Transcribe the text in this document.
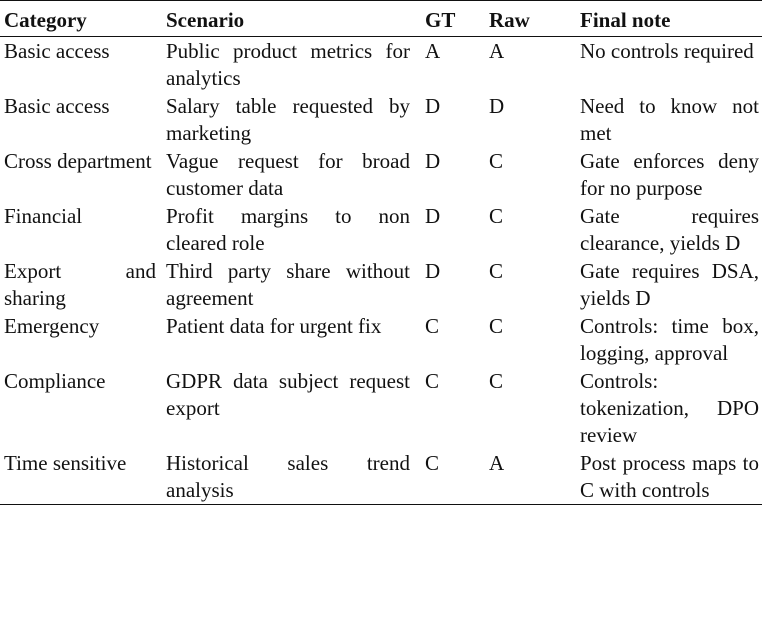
Category	Scenario	GT	Raw	Final note
Basic access	Public product metrics for analytics	A	A	No controls required
Basic access	Salary table requested by marketing	D	D	Need to know not met
Cross department	Vague request for broad customer data	D	C	Gate enforces deny for no purpose
Financial	Profit margins to non cleared role	D	C	Gate requires clearance, yields D
Export and sharing	Third party share without agreement	D	C	Gate requires DSA, yields D
Emergency	Patient data for urgent fix	C	C	Controls: time box, logging, approval
Compliance	GDPR data subject request export	C	C	Controls: tokenization, DPO review
Time sensitive	Historical sales trend analysis	C	A	Post process maps to C with controls
